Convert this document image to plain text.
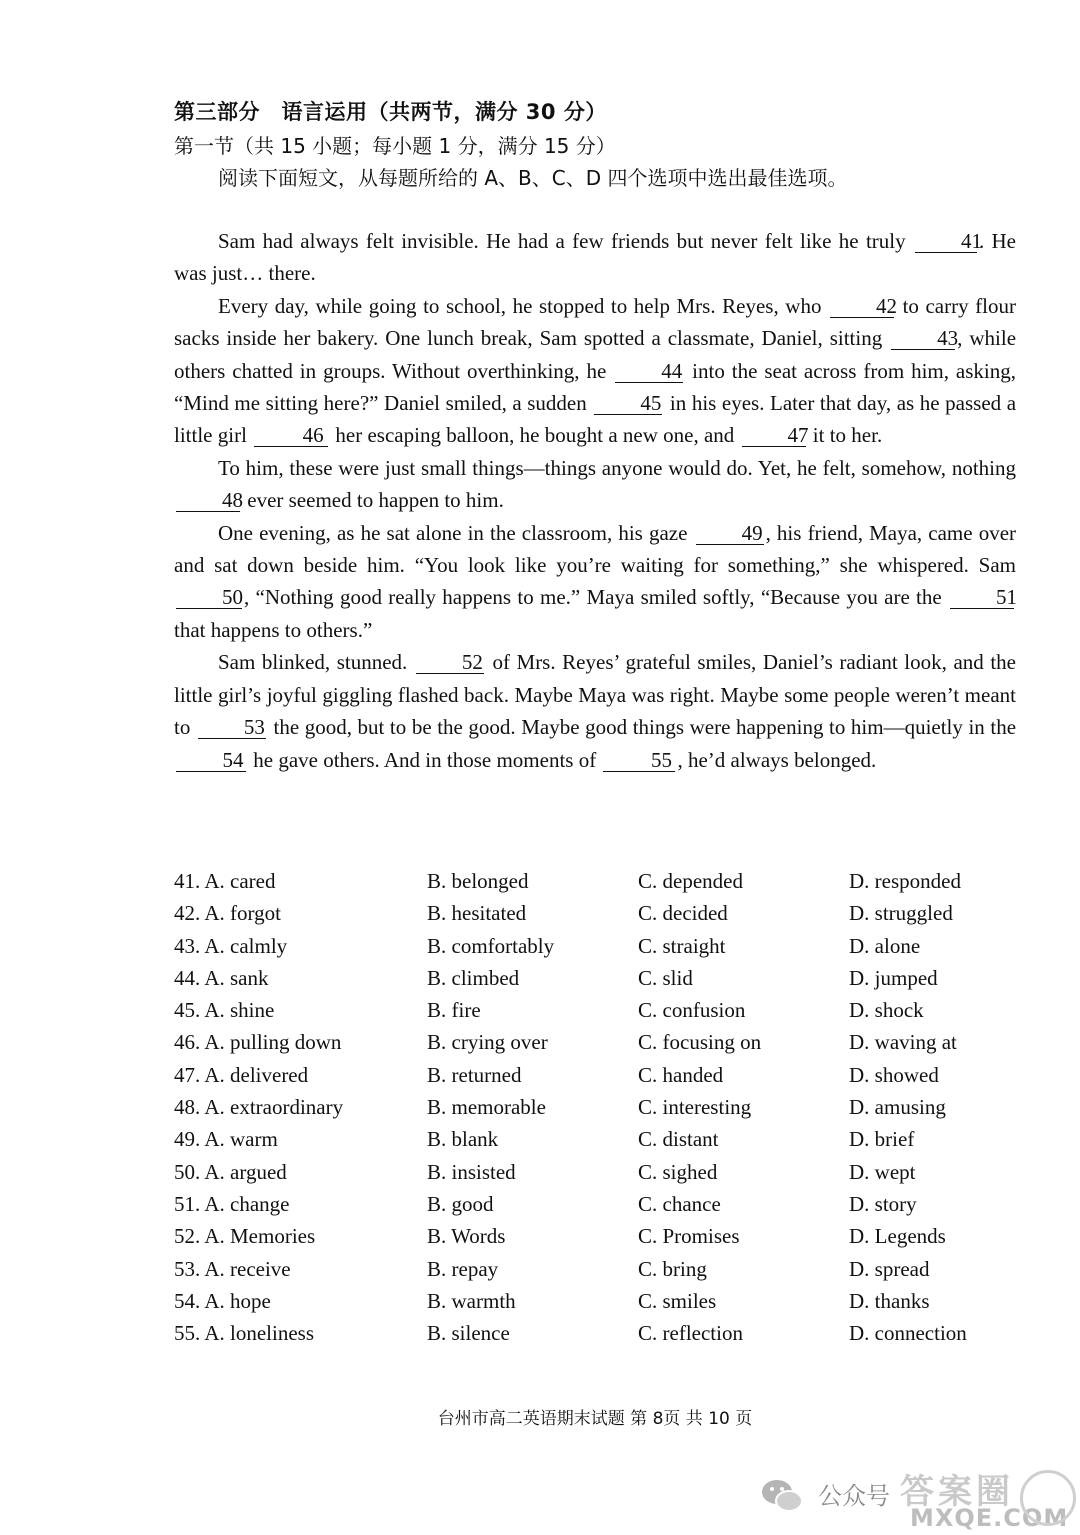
第三部分　语言运用（共两节，满分 30 分）
第一节（共 15 小题；每小题 1 分，满分 15 分）
阅读下面短文，从每题所给的 A、B、C、D 四个选项中选出最佳选项。

Sam had always felt invisible. He had a few friends but never felt like he truly	41. He was just… there.

Every day, while going to school, he stopped to help Mrs. Reyes, who	42 to carry flour sacks inside her bakery. One lunch break, Sam spotted a classmate, Daniel, sitting	43, while others chatted in groups. Without overthinking, he	44 into the seat across from him, asking, “Mind me sitting here?” Daniel smiled, a sudden	45 in his eyes. Later that day, as he passed a little girl	46 her escaping balloon, he bought a new one, and	47 it to her.

To him, these were just small things—things anyone would do. Yet, he felt, somehow, nothing 48 ever seemed to happen to him.

One evening, as he sat alone in the classroom, his gaze	49 , his friend, Maya, came over and sat down beside him. “You look like you’re waiting for something,” she whispered. Sam 50, “Nothing good really happens to me.” Maya smiled softly, “Because you are the	51 that happens to others.”

Sam blinked, stunned.	52 of Mrs. Reyes’ grateful smiles, Daniel’s radiant look, and the little girl’s joyful giggling flashed back. Maybe Maya was right. Maybe some people weren’t meant to	53 the good, but to be the good. Maybe good things were happening to him—quietly in the 54 he gave others. And in those moments of	55 , he’d always belonged.

41. A. cared	B. belonged	C. depended	D. responded
42. A. forgot	B. hesitated	C. decided	D. struggled
43. A. calmly	B. comfortably	C. straight	D. alone
44. A. sank	B. climbed	C. slid	D. jumped
45. A. shine	B. fire	C. confusion	D. shock
46. A. pulling down	B. crying over	C. focusing on	D. waving at
47. A. delivered	B. returned	C. handed	D. showed
48. A. extraordinary	B. memorable	C. interesting	D. amusing
49. A. warm	B. blank	C. distant	D. brief
50. A. argued	B. insisted	C. sighed	D. wept
51. A. change	B. good	C. chance	D. story
52. A. Memories	B. Words	C. Promises	D. Legends
53. A. receive	B. repay	C. bring	D. spread
54. A. hope	B. warmth	C. smiles	D. thanks
55. A. loneliness	B. silence	C. reflection	D. connection
台州市高二英语期末试题 第 8页 共 10 页
公众号 答案圈
MXQE.COM
